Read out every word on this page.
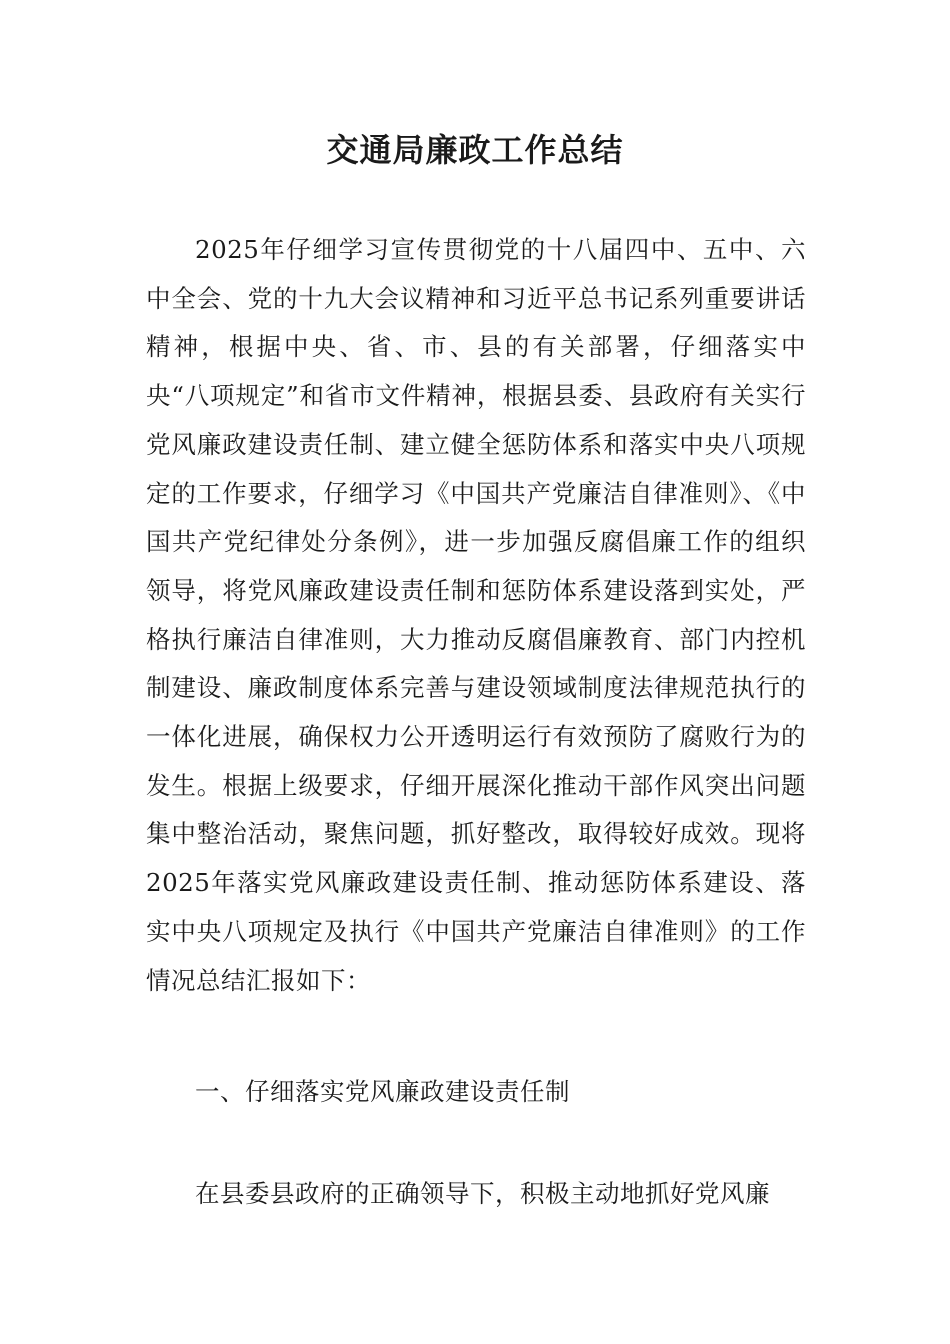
交通局廉政工作总结

2025年仔细学习宣传贯彻党的十八届四中、五中、六中全会、党的十九大会议精神和习近平总书记系列重要讲话精神，根据中央、省、市、县的有关部署，仔细落实中央“八项规定”和省市文件精神，根据县委、县政府有关实行党风廉政建设责任制、建立健全惩防体系和落实中央八项规定的工作要求，仔细学习《中国共产党廉洁自律准则》、《中国共产党纪律处分条例》，进一步加强反腐倡廉工作的组织领导，将党风廉政建设责任制和惩防体系建设落到实处，严格执行廉洁自律准则，大力推动反腐倡廉教育、部门内控机制建设、廉政制度体系完善与建设领域制度法律规范执行的一体化进展，确保权力公开透明运行有效预防了腐败行为的发生。根据上级要求，仔细开展深化推动干部作风突出问题集中整治活动，聚焦问题，抓好整改，取得较好成效。现将2025年落实党风廉政建设责任制、推动惩防体系建设、落实中央八项规定及执行《中国共产党廉洁自律准则》的工作情况总结汇报如下：

一、仔细落实党风廉政建设责任制

在县委县政府的正确领导下，积极主动地抓好党风廉
